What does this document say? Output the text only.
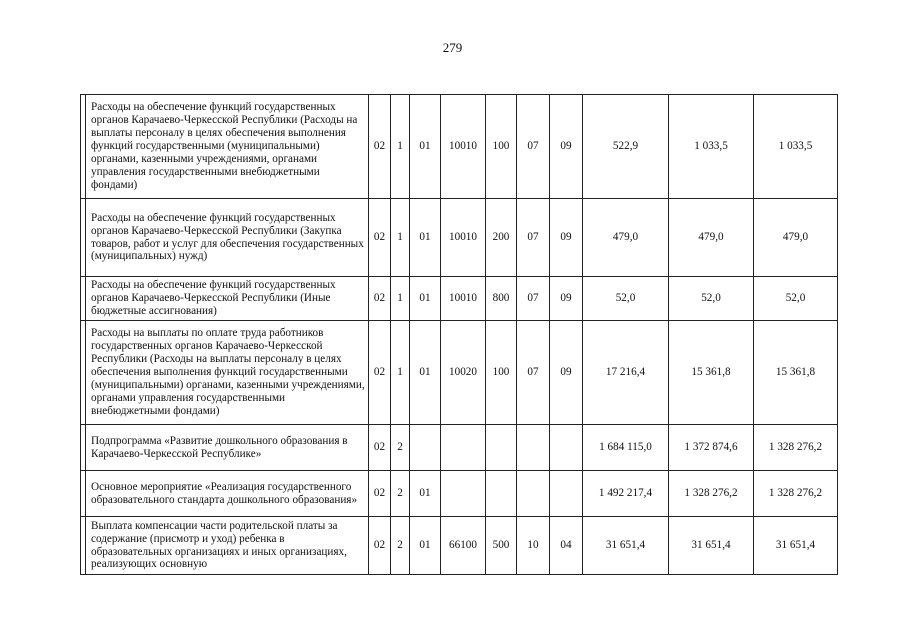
279
	Расходы на обеспечение функций государственных органов Карачаево-Черкесской Республики (Расходы на выплаты персоналу в целях обеспечения выполнения функций государственными (муниципальными) органами, казенными учреждениями, органами управления государственными внебюджетными фондами)	02	1	01	10010	100	07	09	522,9	1 033,5	1 033,5
	Расходы на обеспечение функций государственных органов Карачаево-Черкесской Республики (Закупка товаров, работ и услуг для обеспечения государственных (муниципальных) нужд)	02	1	01	10010	200	07	09	479,0	479,0	479,0
	Расходы на обеспечение функций государственных органов Карачаево-Черкесской Республики (Иные бюджетные ассигнования)	02	1	01	10010	800	07	09	52,0	52,0	52,0
	Расходы на выплаты по оплате труда работников государственных органов Карачаево-Черкесской Республики (Расходы на выплаты персоналу в целях обеспечения выполнения функций государственными (муниципальными) органами, казенными учреждениями, органами управления государственными внебюджетными фондами)	02	1	01	10020	100	07	09	17 216,4	15 361,8	15 361,8
	Подпрограмма «Развитие дошкольного образования в Карачаево-Черкесской Республике»	02	2						1 684 115,0	1 372 874,6	1 328 276,2
	Основное мероприятие «Реализация государственного образовательного стандарта дошкольного образования»	02	2	01					1 492 217,4	1 328 276,2	1 328 276,2
	Выплата компенсации части родительской платы за содержание (присмотр и уход) ребенка в образовательных организациях и иных организациях, реализующих основную	02	2	01	66100	500	10	04	31 651,4	31 651,4	31 651,4
